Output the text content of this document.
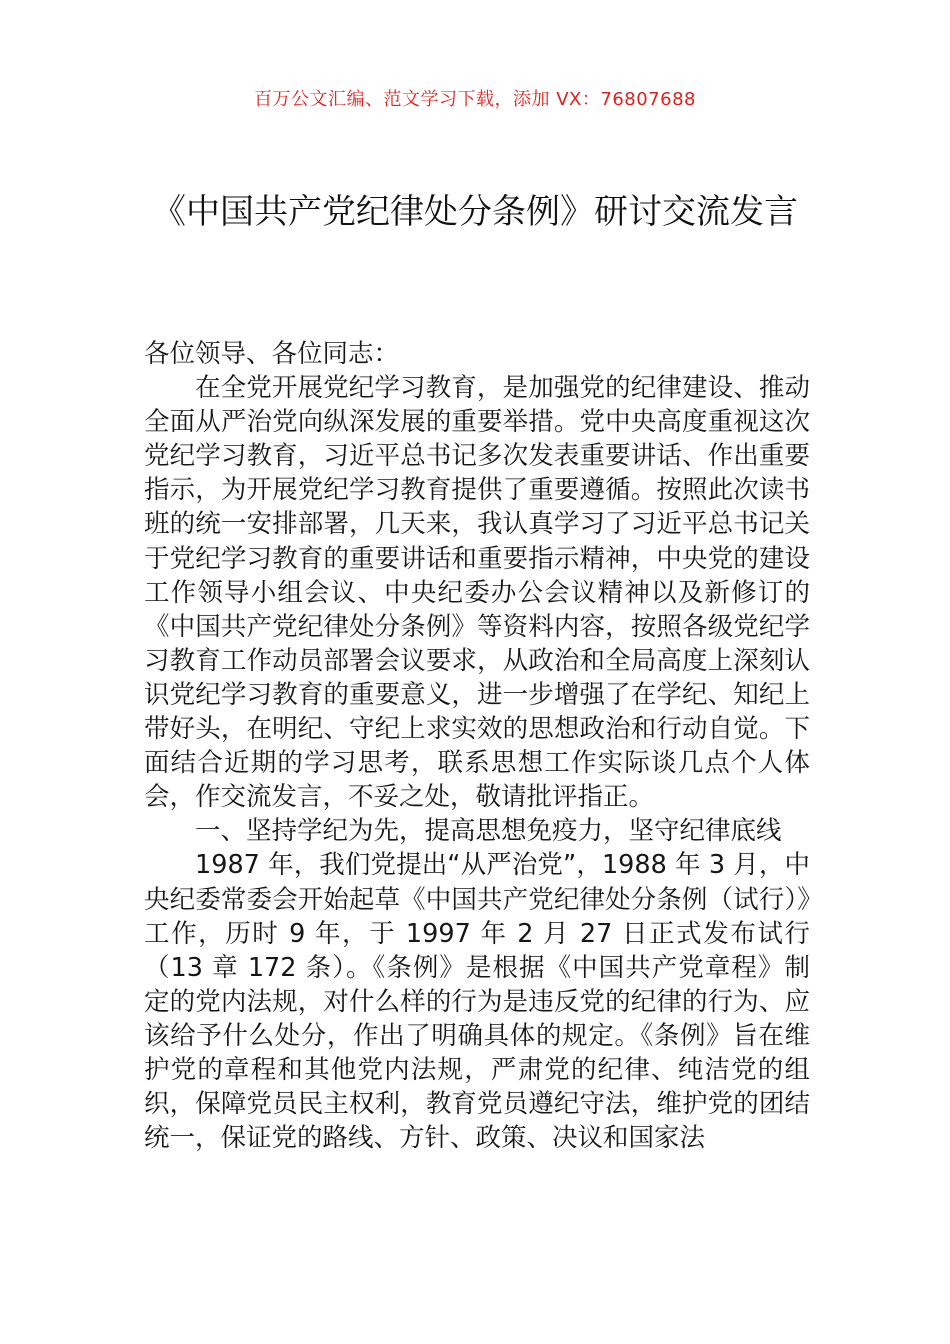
百万公文汇编、范文学习下载，添加 VX：76807688
《中国共产党纪律处分条例》研讨交流发言

各位领导、各位同志：

在全党开展党纪学习教育，是加强党的纪律建设、推动全面从严治党向纵深发展的重要举措。党中央高度重视这次党纪学习教育，习近平总书记多次发表重要讲话、作出重要指示，为开展党纪学习教育提供了重要遵循。按照此次读书班的统一安排部署，几天来，我认真学习了习近平总书记关于党纪学习教育的重要讲话和重要指示精神，中央党的建设工作领导小组会议、中央纪委办公会议精神以及新修订的《中国共产党纪律处分条例》等资料内容，按照各级党纪学习教育工作动员部署会议要求，从政治和全局高度上深刻认识党纪学习教育的重要意义，进一步增强了在学纪、知纪上带好头，在明纪、守纪上求实效的思想政治和行动自觉。下面结合近期的学习思考，联系思想工作实际谈几点个人体会，作交流发言，不妥之处，敬请批评指正。

一、坚持学纪为先，提高思想免疫力，坚守纪律底线

1987 年，我们党提出“从严治党”，1988 年 3 月，中央纪委常委会开始起草《中国共产党纪律处分条例（试行）》工作，历时 9 年，于 1997 年 2 月 27 日正式发布试行（13 章 172 条）。《条例》是根据《中国共产党章程》制定的党内法规，对什么样的行为是违反党的纪律的行为、应该给予什么处分，作出了明确具体的规定。《条例》旨在维护党的章程和其他党内法规，严肃党的纪律、纯洁党的组织，保障党员民主权利，教育党员遵纪守法，维护党的团结统一，保证党的路线、方针、政策、决议和国家法
